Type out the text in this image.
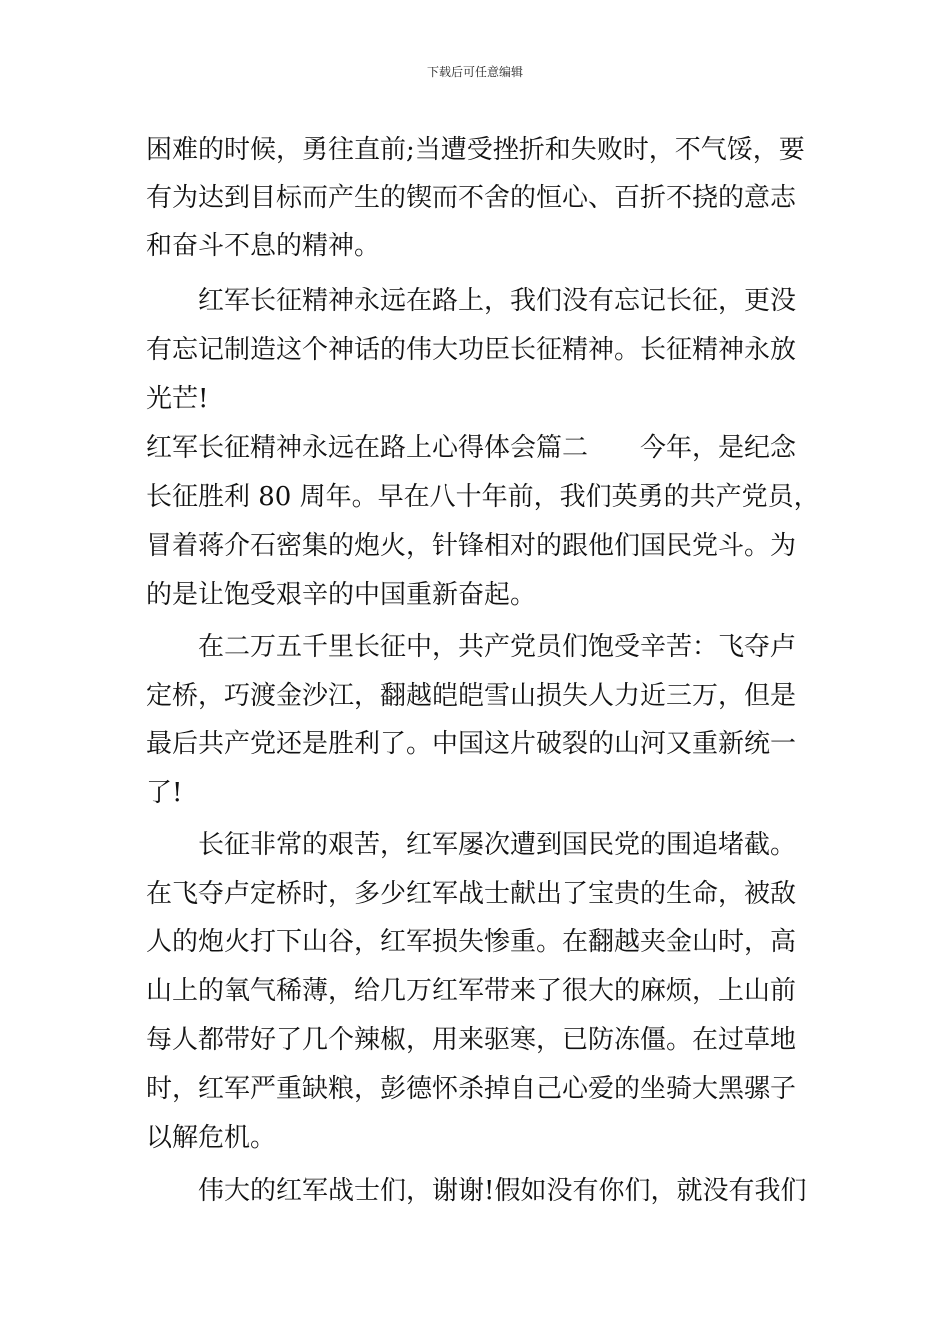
下载后可任意编辑
困难的时候，勇往直前;当遭受挫折和失败时，不气馁，要
有为达到目标而产生的锲而不舍的恒心、百折不挠的意志
和奋斗不息的精神。
红军长征精神永远在路上，我们没有忘记长征，更没
有忘记制造这个神话的伟大功臣长征精神。长征精神永放
光芒!
红军长征精神永远在路上心得体会篇二 今年，是纪念
长征胜利 80 周年。早在八十年前，我们英勇的共产党员，
冒着蒋介石密集的炮火，针锋相对的跟他们国民党斗。为
的是让饱受艰辛的中国重新奋起。
在二万五千里长征中，共产党员们饱受辛苦：飞夺卢
定桥，巧渡金沙江，翻越皑皑雪山损失人力近三万，但是
最后共产党还是胜利了。中国这片破裂的山河又重新统一
了!
长征非常的艰苦，红军屡次遭到国民党的围追堵截。
在飞夺卢定桥时，多少红军战士献出了宝贵的生命，被敌
人的炮火打下山谷，红军损失惨重。在翻越夹金山时，高
山上的氧气稀薄，给几万红军带来了很大的麻烦，上山前
每人都带好了几个辣椒，用来驱寒，已防冻僵。在过草地
时，红军严重缺粮，彭德怀杀掉自己心爱的坐骑大黑骡子
以解危机。
伟大的红军战士们，谢谢!假如没有你们，就没有我们
